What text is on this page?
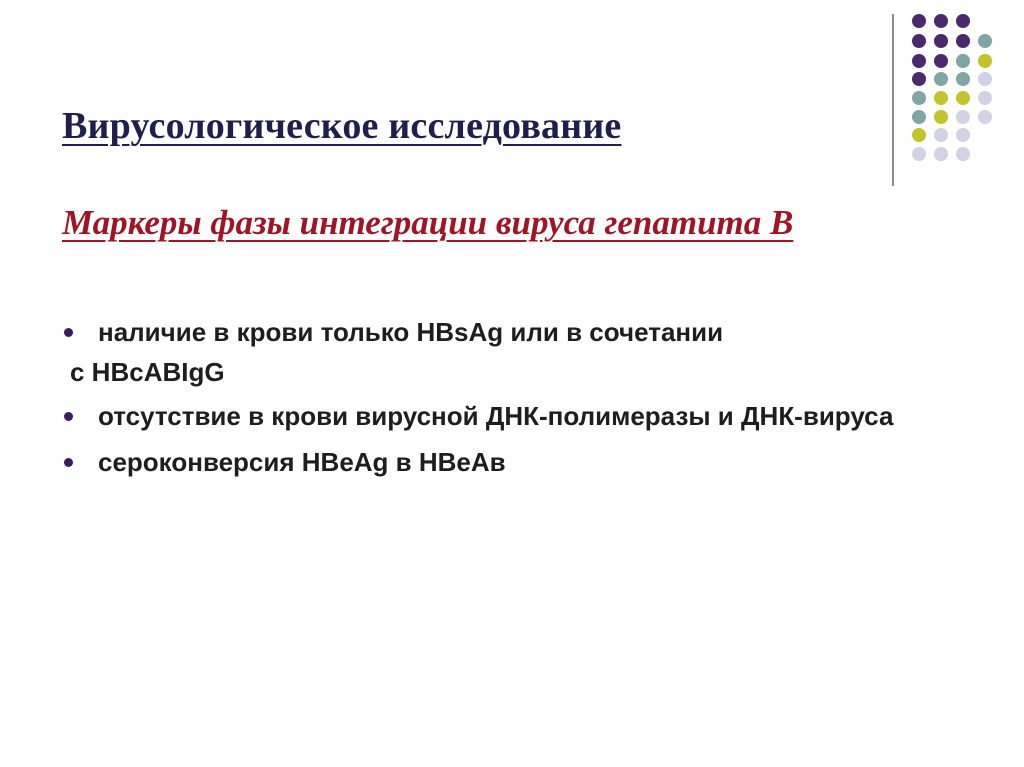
Вирусологическое исследование
Маркеры фазы интеграции вируса гепатита В
наличие в крови только HBsAg или в сочетании
с HBcABIgG
отсутствие в крови вирусной ДНК-полимеразы и ДНК-вируса
сероконверсия HBeAg в HBeAв
